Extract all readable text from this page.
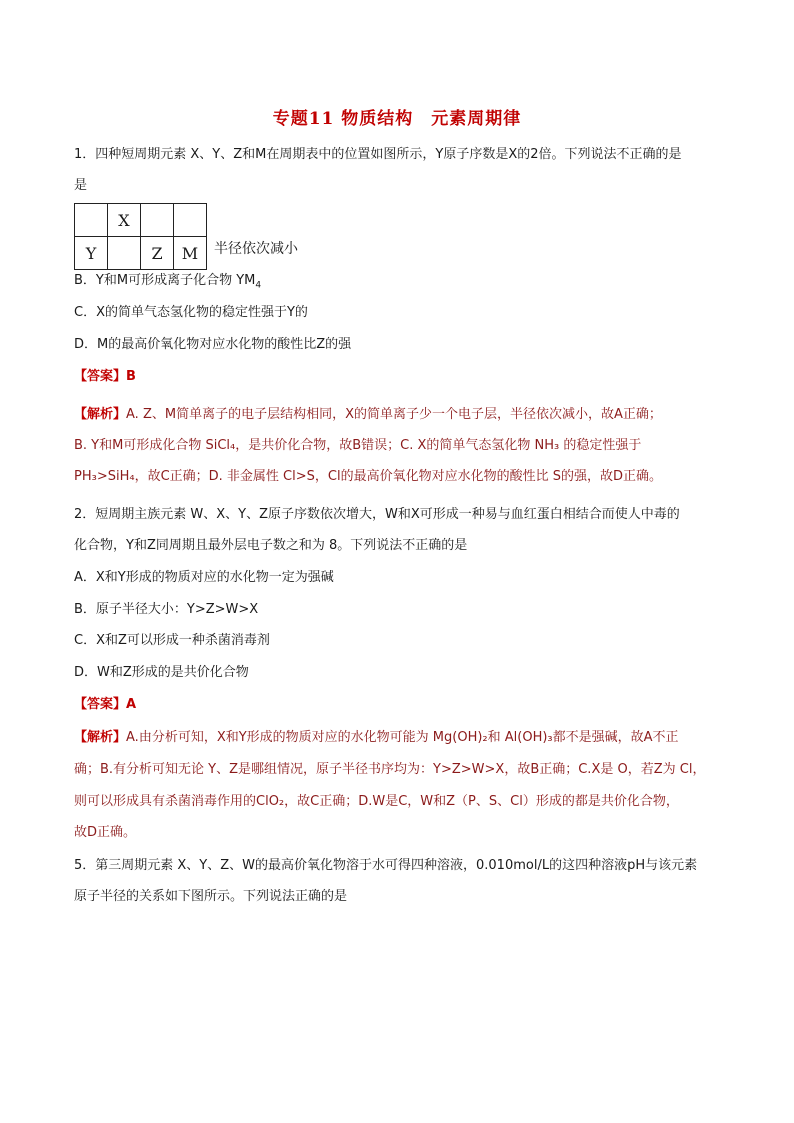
专题11 物质结构　元素周期律
1．四种短周期元素 X、Y、Z和M在周期表中的位置如图所示，Y原子序数是X的2倍。下列说法不正确的是
是
	X		
Y		Z	M 半径依次减小
B．Y和M可形成离子化合物 $YM_4$
C．X的简单气态氢化物的稳定性强于Y的
D．M的最高价氧化物对应水化物的酸性比Z的强
【答案】B
【解析】A. Z、M简单离子的电子层结构相同，X的简单离子少一个电子层，半径依次减小，故A正确；
B. Y和M可形成化合物 SiCl₄，是共价化合物，故B错误；C. X的简单气态氢化物 NH₃ 的稳定性强于
PH₃>SiH₄，故C正确；D. 非金属性 Cl>S，Cl的最高价氧化物对应水化物的酸性比 S的强，故D正确。
2．短周期主族元素 W、X、Y、Z原子序数依次增大，W和X可形成一种易与血红蛋白相结合而使人中毒的
化合物，Y和Z同周期且最外层电子数之和为 8。下列说法不正确的是
A．X和Y形成的物质对应的水化物一定为强碱
B．原子半径大小：Y>Z>W>X
C．X和Z可以形成一种杀菌消毒剂
D．W和Z形成的是共价化合物
【答案】A
【解析】A.由分析可知，X和Y形成的物质对应的水化物可能为 Mg(OH)₂和 Al(OH)₃都不是强碱，故A不正
确；B.有分析可知无论 Y、Z是哪组情况，原子半径书序均为：Y>Z>W>X，故B正确；C.X是 O，若Z为 Cl，
则可以形成具有杀菌消毒作用的ClO₂，故C正确；D.W是C，W和Z（P、S、Cl）形成的都是共价化合物，
故D正确。
5．第三周期元素 X、Y、Z、W的最高价氧化物溶于水可得四种溶液，0.010mol/L的这四种溶液pH与该元素
原子半径的关系如下图所示。下列说法正确的是
